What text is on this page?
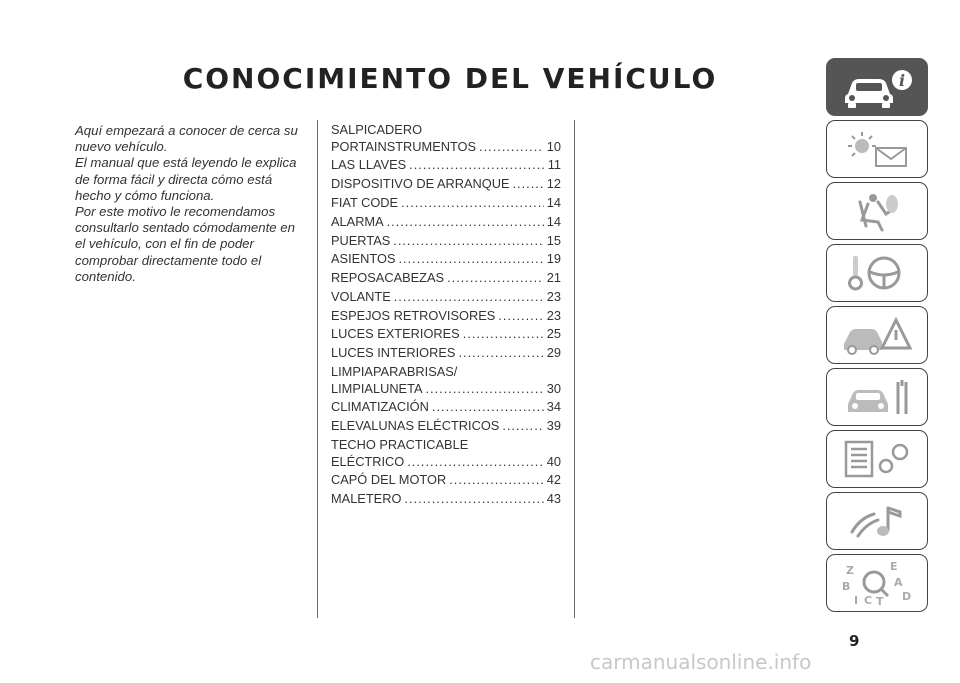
CONOCIMIENTO DEL VEHÍCULO

Aquí empezará a conocer de cerca su nuevo vehículo.

El manual que está leyendo le explica de forma fácil y directa cómo está hecho y cómo funciona.

Por este motivo le recomendamos consultarlo sentado cómodamente en el vehículo, con el fin de poder comprobar directamente todo el contenido.

SALPICADERO
PORTAINSTRUMENTOS .....	10
LAS LLAVES .....	11
DISPOSITIVO DE ARRANQUE .....	12
FIAT CODE .....	14
ALARMA .....	14
PUERTAS .....	15
ASIENTOS .....	19
REPOSACABEZAS .....	21
VOLANTE .....	23
ESPEJOS RETROVISORES .....	23
LUCES EXTERIORES .....	25
LUCES INTERIORES .....	29
LIMPIAPARABRISAS/
LIMPIALUNETA .....	30
CLIMATIZACIÓN .....	34
ELEVALUNAS ELÉCTRICOS .....	39
TECHO PRACTICABLE
ELÉCTRICO .....	40
CAPÓ DEL MOTOR .....	42
MALETERO .....	43
i
Z	E
A
B
D
I C T
9
carmanualsonline.info
